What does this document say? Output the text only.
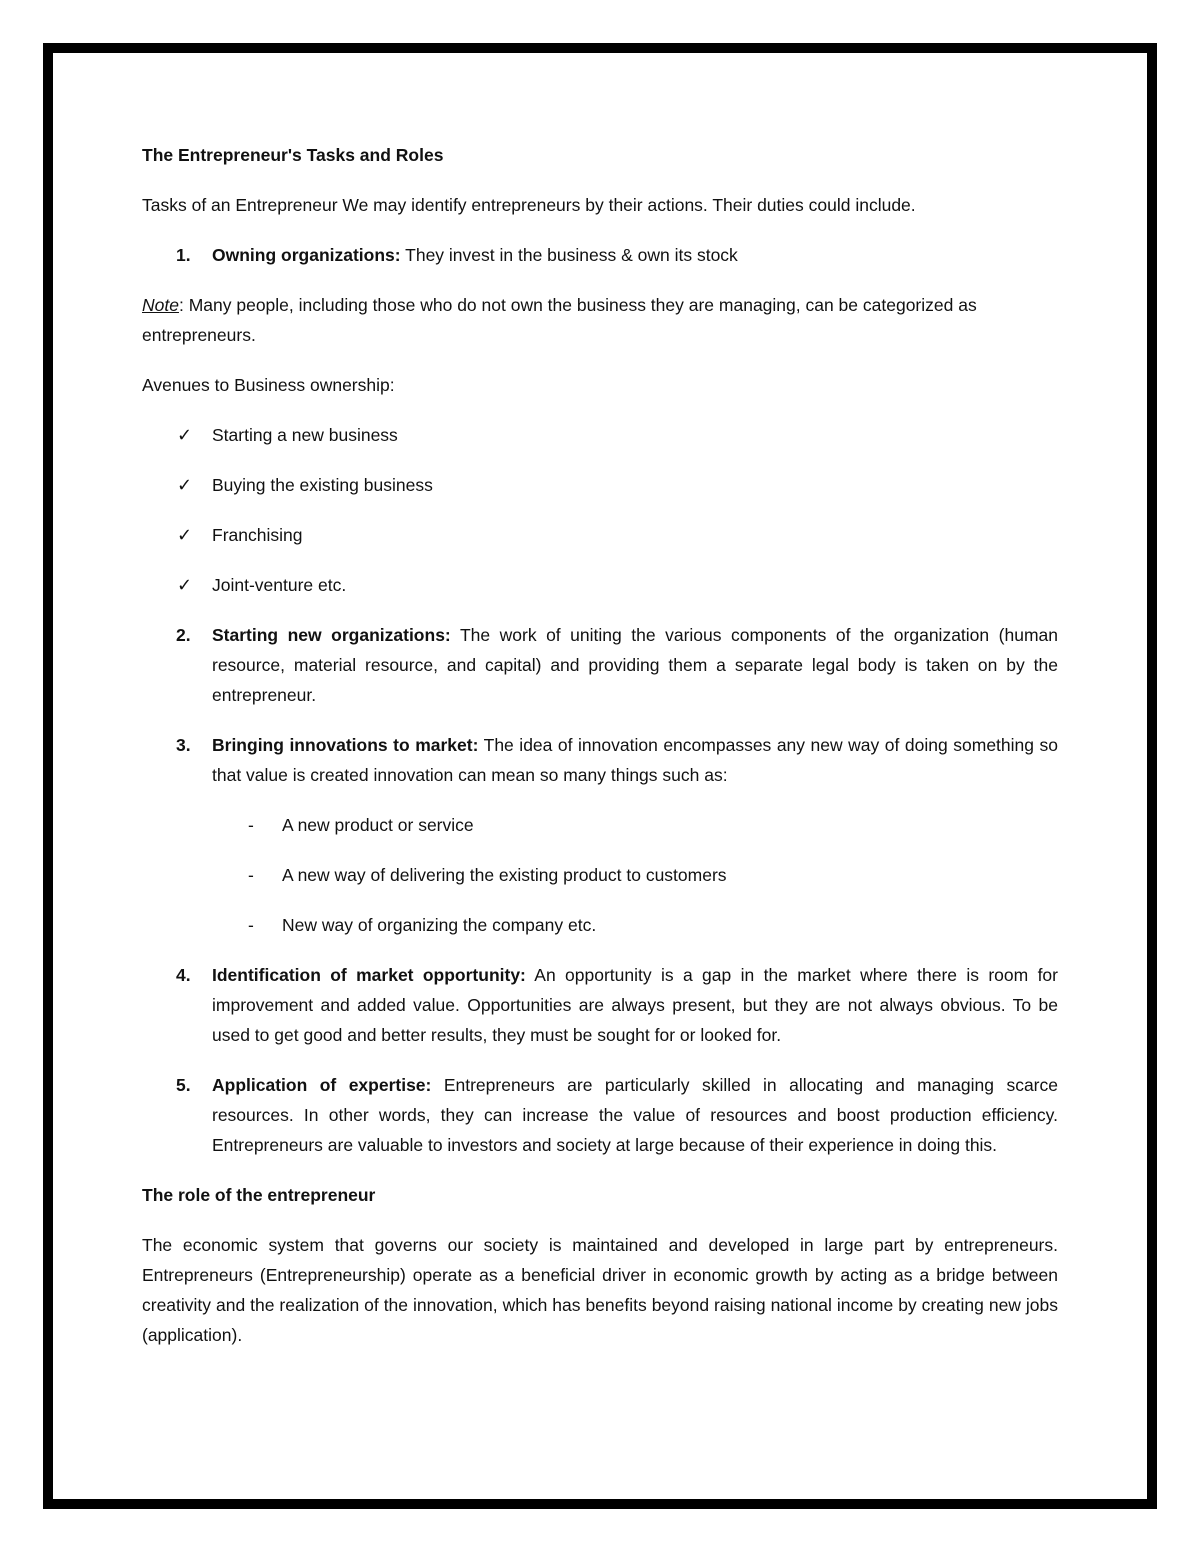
The Entrepreneur's Tasks and Roles

Tasks of an Entrepreneur We may identify entrepreneurs by their actions. Their duties could include.

1. Owning organizations: They invest in the business & own its stock

Note: Many people, including those who do not own the business they are managing, can be categorized as entrepreneurs.

Avenues to Business ownership:

✓ Starting a new business

✓ Buying the existing business

✓ Franchising

✓ Joint-venture etc.

2. Starting new organizations: The work of uniting the various components of the organization (human resource, material resource, and capital) and providing them a separate legal body is taken on by the entrepreneur.

3. Bringing innovations to market: The idea of innovation encompasses any new way of doing something so that value is created innovation can mean so many things such as:

- A new product or service

- A new way of delivering the existing product to customers

- New way of organizing the company etc.

4. Identification of market opportunity: An opportunity is a gap in the market where there is room for improvement and added value. Opportunities are always present, but they are not always obvious. To be used to get good and better results, they must be sought for or looked for.

5. Application of expertise: Entrepreneurs are particularly skilled in allocating and managing scarce resources. In other words, they can increase the value of resources and boost production efficiency. Entrepreneurs are valuable to investors and society at large because of their experience in doing this.

The role of the entrepreneur

The economic system that governs our society is maintained and developed in large part by entrepreneurs. Entrepreneurs (Entrepreneurship) operate as a beneficial driver in economic growth by acting as a bridge between creativity and the realization of the innovation, which has benefits beyond raising national income by creating new jobs (application).
